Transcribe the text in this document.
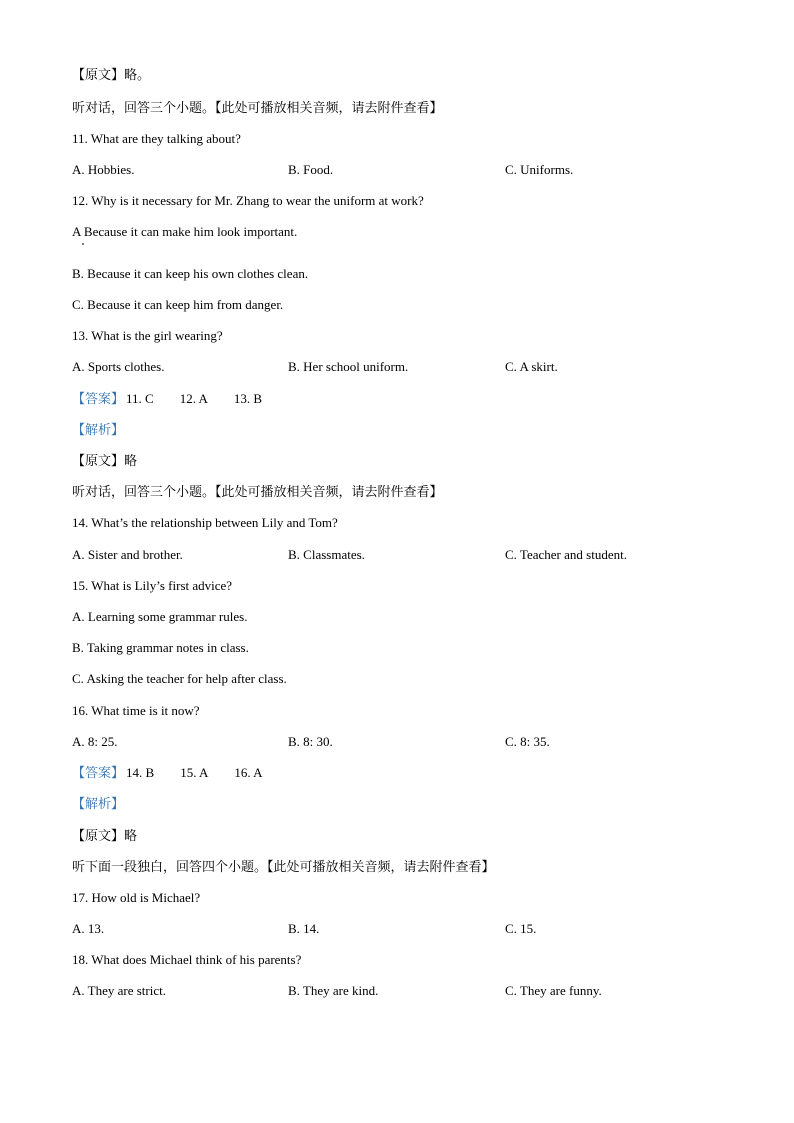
【原文】略。
听对话，回答三个小题。【此处可播放相关音频，请去附件查看】
11. What are they talking about?
A. Hobbies.	B. Food.	C. Uniforms.
12. Why is it necessary for Mr. Zhang to wear the uniform at work?
A Because it can make him look important.
B. Because it can keep his own clothes clean.
C. Because it can keep him from danger.
13. What is the girl wearing?
A. Sports clothes.	B. Her school uniform.	C. A skirt.
【答案】 11. C 12. A 13. B
【解析】
【原文】略
听对话，回答三个小题。【此处可播放相关音频，请去附件查看】
14. What’s the relationship between Lily and Tom?
A. Sister and brother.	B. Classmates.	C. Teacher and student.
15. What is Lily’s first advice?
A. Learning some grammar rules.
B. Taking grammar notes in class.
C. Asking the teacher for help after class.
16. What time is it now?
A. 8: 25.	B. 8: 30.	C. 8: 35.
【答案】 14. B 15. A 16. A
【解析】
【原文】略
听下面一段独白，回答四个小题。【此处可播放相关音频，请去附件查看】
17. How old is Michael?
A. 13.	B. 14.	C. 15.
18. What does Michael think of his parents?
A. They are strict.	B. They are kind.	C. They are funny.
